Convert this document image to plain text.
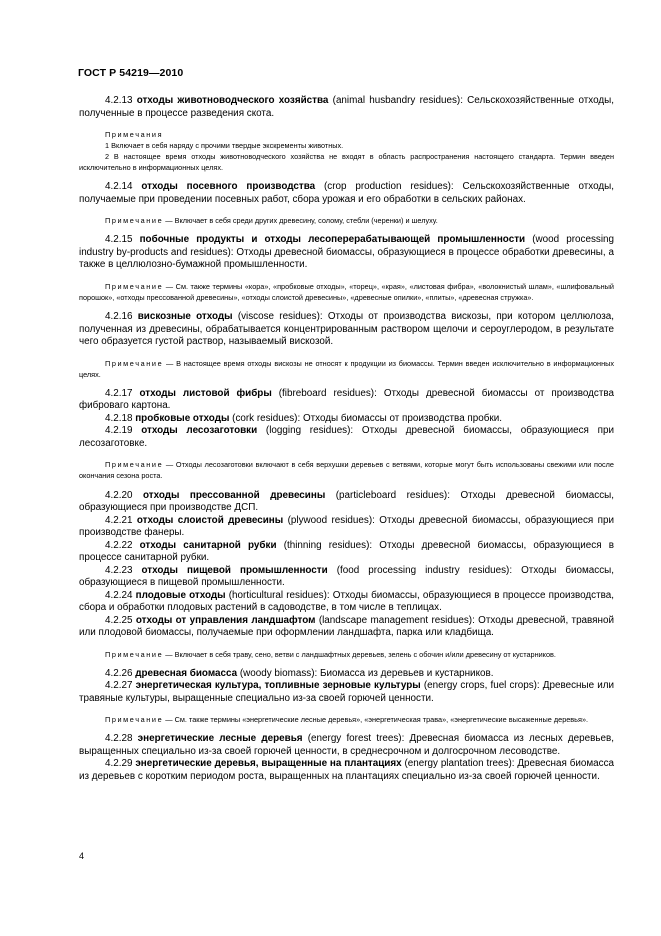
ГОСТ Р 54219—2010

4.2.13 отходы животноводческого хозяйства (animal husbandry residues): Сельскохозяйственные отходы, полученные в процессе разведения скота.

Примечания

1 Включает в себя наряду с прочими твердые экскременты животных.

2 В настоящее время отходы животноводческого хозяйства не входят в область распространения настоящего стандарта. Термин введен исключительно в информационных целях.

4.2.14 отходы посевного производства (crop production residues): Сельскохозяйственные отходы, получаемые при проведении посевных работ, сбора урожая и его обработки в сельских районах.

Примечание — Включает в себя среди других древесину, солому, стебли (черенки) и шелуху.

4.2.15 побочные продукты и отходы лесоперерабатывающей промышленности (wood processing industry by-products and residues): Отходы древесной биомассы, образующиеся в процессе обработки древесины, а также в целлюлозно-бумажной промышленности.

Примечание — См. также термины «кора», «пробковые отходы», «торец», «края», «листовая фибра», «волокнистый шлам», «шлифовальный порошок», «отходы прессованной древесины», «отходы слоистой древесины», «древесные опилки», «плиты», «древесная стружка».

4.2.16 вискозные отходы (viscose residues): Отходы от производства вискозы, при котором целлюлоза, полученная из древесины, обрабатывается концентрированным раствором щелочи и сероуглеродом, в результате чего образуется густой раствор, называемый вискозой.

Примечание — В настоящее время отходы вискозы не относят к продукции из биомассы. Термин введен исключительно в информационных целях.

4.2.17 отходы листовой фибры (fibreboard residues): Отходы древесной биомассы от производства фиброваго картона.

4.2.18 пробковые отходы (cork residues): Отходы биомассы от производства пробки.

4.2.19 отходы лесозаготовки (logging residues): Отходы древесной биомассы, образующиеся при лесозаготовке.

Примечание — Отходы лесозаготовки включают в себя верхушки деревьев с ветвями, которые могут быть использованы свежими или после окончания сезона роста.

4.2.20 отходы прессованной древесины (particleboard residues): Отходы древесной биомассы, образующиеся при производстве ДСП.

4.2.21 отходы слоистой древесины (plywood residues): Отходы древесной биомассы, образующиеся при производстве фанеры.

4.2.22 отходы санитарной рубки (thinning residues): Отходы древесной биомассы, образующиеся в процессе санитарной рубки.

4.2.23 отходы пищевой промышленности (food processing industry residues): Отходы биомассы, образующиеся в пищевой промышленности.

4.2.24 плодовые отходы (horticultural residues): Отходы биомассы, образующиеся в процессе производства, сбора и обработки плодовых растений в садоводстве, в том числе в теплицах.

4.2.25 отходы от управления ландшафтом (landscape management residues): Отходы древесной, травяной или плодовой биомассы, получаемые при оформлении ландшафта, парка или кладбища.

Примечание — Включает в себя траву, сено, ветви с ландшафтных деревьев, зелень с обочин и/или древесину от кустарников.

4.2.26 древесная биомасса (woody biomass): Биомасса из деревьев и кустарников.

4.2.27 энергетическая культура, топливные зерновые культуры (energy crops, fuel crops): Древесные или травяные культуры, выращенные специально из-за своей горючей ценности.

Примечание — См. также термины «энергетические лесные деревья», «энергетическая трава», «энергетические высаженные деревья».

4.2.28 энергетические лесные деревья (energy forest trees): Древесная биомасса из лесных деревьев, выращенных специально из-за своей горючей ценности, в среднесрочном и долгосрочном лесоводстве.

4.2.29 энергетические деревья, выращенные на плантациях (energy plantation trees): Древесная биомасса из деревьев с коротким периодом роста, выращенных на плантациях специально из-за своей горючей ценности.

4
